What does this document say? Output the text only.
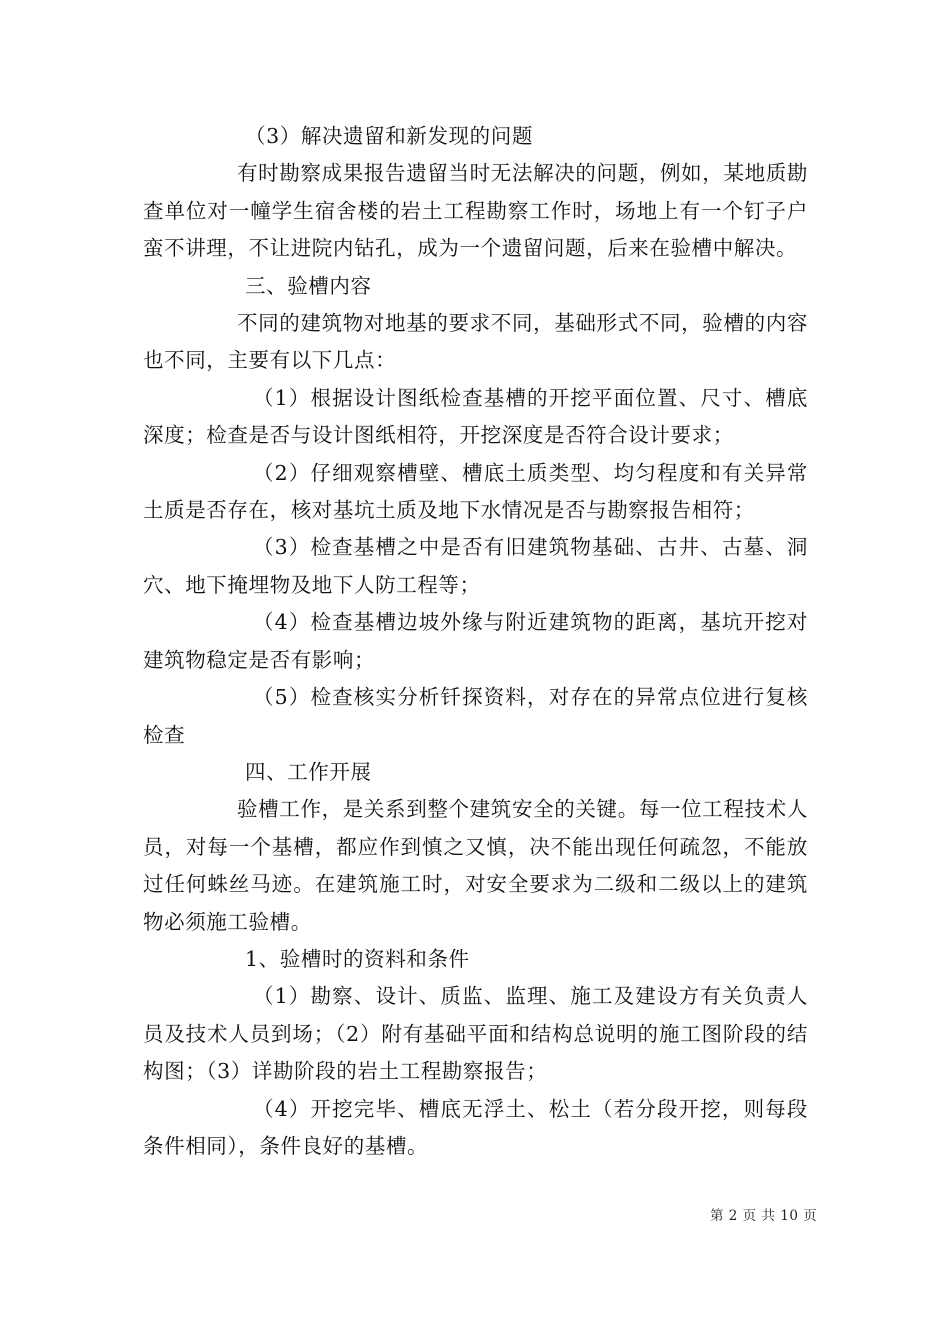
（3）解决遗留和新发现的问题

有时勘察成果报告遗留当时无法解决的问题，例如，某地质勘查单位对一幢学生宿舍楼的岩土工程勘察工作时，场地上有一个钉子户蛮不讲理，不让进院内钻孔，成为一个遗留问题，后来在验槽中解决。

三、验槽内容

不同的建筑物对地基的要求不同，基础形式不同，验槽的内容也不同，主要有以下几点：

（1）根据设计图纸检查基槽的开挖平面位置、尺寸、槽底深度；检查是否与设计图纸相符，开挖深度是否符合设计要求；

（2）仔细观察槽壁、槽底土质类型、均匀程度和有关异常土质是否存在，核对基坑土质及地下水情况是否与勘察报告相符；

（3）检查基槽之中是否有旧建筑物基础、古井、古墓、洞穴、地下掩埋物及地下人防工程等；

（4）检查基槽边坡外缘与附近建筑物的距离，基坑开挖对建筑物稳定是否有影响；

（5）检查核实分析钎探资料，对存在的异常点位进行复核检查

四、工作开展

验槽工作，是关系到整个建筑安全的关键。每一位工程技术人员，对每一个基槽，都应作到慎之又慎，决不能出现任何疏忽，不能放过任何蛛丝马迹。在建筑施工时，对安全要求为二级和二级以上的建筑物必须施工验槽。

1、验槽时的资料和条件

（1）勘察、设计、质监、监理、施工及建设方有关负责人员及技术人员到场；（2）附有基础平面和结构总说明的施工图阶段的结构图；（3）详勘阶段的岩土工程勘察报告；

（4）开挖完毕、槽底无浮土、松土（若分段开挖，则每段条件相同），条件良好的基槽。

第 2 页 共 10 页
